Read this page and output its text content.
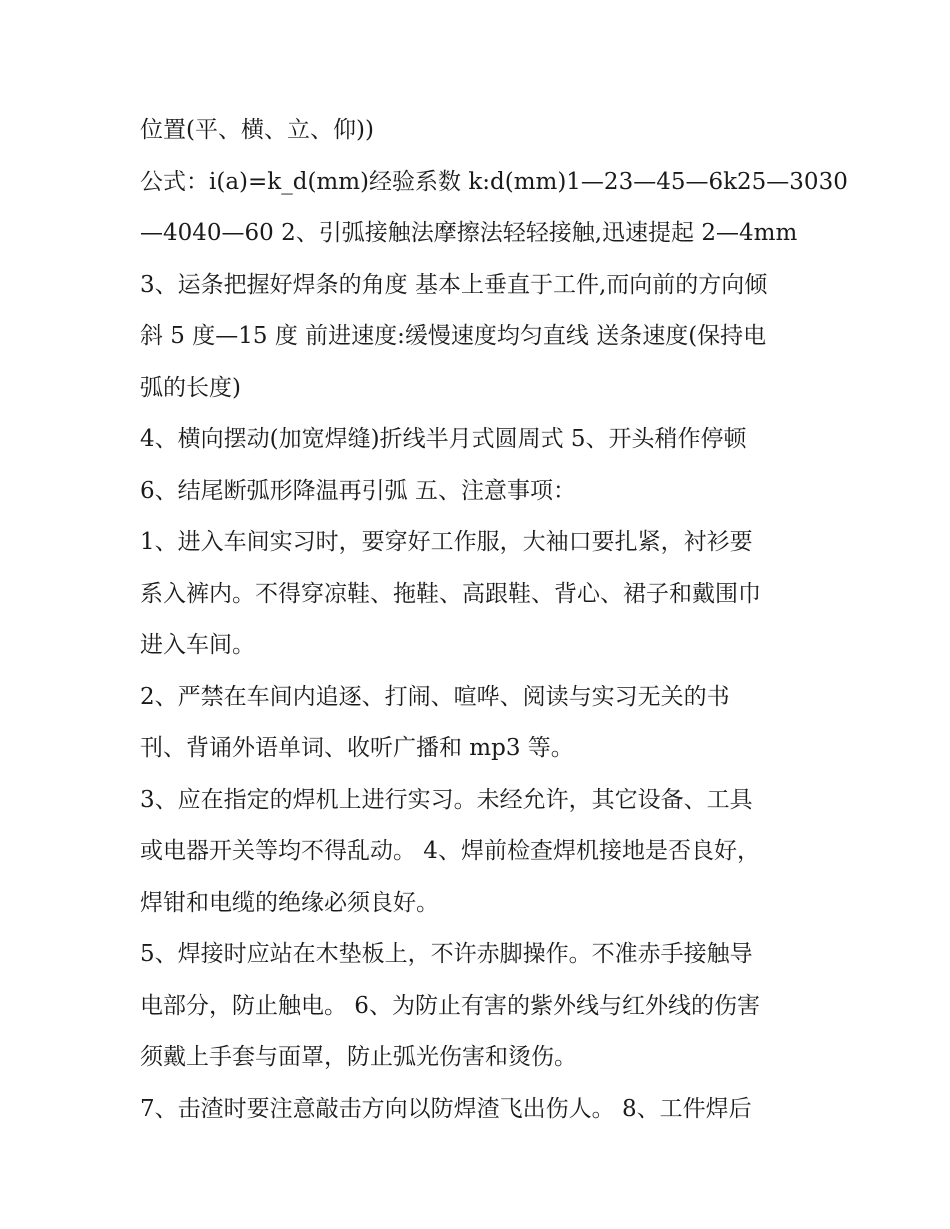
位置(平、横、立、仰))
公式：i(a)=k_d(mm)经验系数 k:d(mm)1—23—45—6k25—3030
—4040—60 2、引弧接触法摩擦法轻轻接触,迅速提起 2—4mm
3、运条把握好焊条的角度 基本上垂直于工件,而向前的方向倾
斜 5 度—15 度 前进速度:缓慢速度均匀直线 送条速度(保持电
弧的长度)
4、横向摆动(加宽焊缝)折线半月式圆周式 5、开头稍作停顿
6、结尾断弧形降温再引弧 五、注意事项：
1、进入车间实习时，要穿好工作服，大袖口要扎紧，衬衫要
系入裤内。不得穿凉鞋、拖鞋、高跟鞋、背心、裙子和戴围巾
进入车间。
2、严禁在车间内追逐、打闹、喧哗、阅读与实习无关的书
刊、背诵外语单词、收听广播和 mp3 等。
3、应在指定的焊机上进行实习。未经允许，其它设备、工具
或电器开关等均不得乱动。 4、焊前检查焊机接地是否良好，
焊钳和电缆的绝缘必须良好。
5、焊接时应站在木垫板上，不许赤脚操作。不准赤手接触导
电部分，防止触电。 6、为防止有害的紫外线与红外线的伤害
须戴上手套与面罩，防止弧光伤害和烫伤。
7、击渣时要注意敲击方向以防焊渣飞出伤人。 8、工件焊后
